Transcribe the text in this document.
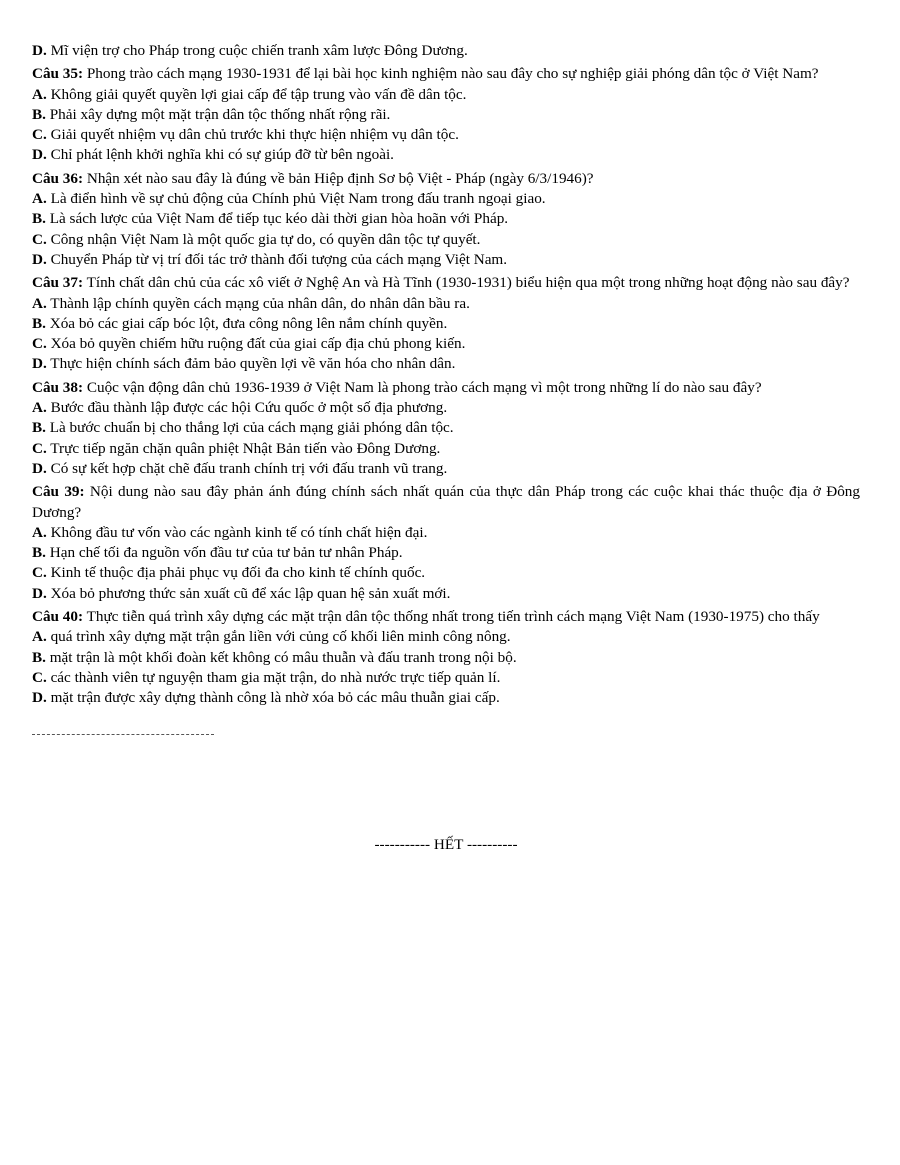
D. Mĩ viện trợ cho Pháp trong cuộc chiến tranh xâm lược Đông Dương.
Câu 35: Phong trào cách mạng 1930-1931 để lại bài học kinh nghiệm nào sau đây cho sự nghiệp giải phóng dân tộc ở Việt Nam?
A. Không giải quyết quyền lợi giai cấp để tập trung vào vấn đề dân tộc.
B. Phải xây dựng một mặt trận dân tộc thống nhất rộng rãi.
C. Giải quyết nhiệm vụ dân chủ trước khi thực hiện nhiệm vụ dân tộc.
D. Chỉ phát lệnh khởi nghĩa khi có sự giúp đỡ từ bên ngoài.
Câu 36: Nhận xét nào sau đây là đúng về bản Hiệp định Sơ bộ Việt - Pháp (ngày 6/3/1946)?
A. Là điển hình về sự chủ động của Chính phủ Việt Nam trong đấu tranh ngoại giao.
B. Là sách lược của Việt Nam để tiếp tục kéo dài thời gian hòa hoãn với Pháp.
C. Công nhận Việt Nam là một quốc gia tự do, có quyền dân tộc tự quyết.
D. Chuyển Pháp từ vị trí đối tác trở thành đối tượng của cách mạng Việt Nam.
Câu 37: Tính chất dân chủ của các xô viết ở Nghệ An và Hà Tĩnh (1930-1931) biểu hiện qua một trong những hoạt động nào sau đây?
A. Thành lập chính quyền cách mạng của nhân dân, do nhân dân bầu ra.
B. Xóa bỏ các giai cấp bóc lột, đưa công nông lên nắm chính quyền.
C. Xóa bỏ quyền chiếm hữu ruộng đất của giai cấp địa chủ phong kiến.
D. Thực hiện chính sách đảm bảo quyền lợi về văn hóa cho nhân dân.
Câu 38: Cuộc vận động dân chủ 1936-1939 ở Việt Nam là phong trào cách mạng vì một trong những lí do nào sau đây?
A. Bước đầu thành lập được các hội Cứu quốc ở một số địa phương.
B. Là bước chuẩn bị cho thắng lợi của cách mạng giải phóng dân tộc.
C. Trực tiếp ngăn chặn quân phiệt Nhật Bản tiến vào Đông Dương.
D. Có sự kết hợp chặt chẽ đấu tranh chính trị với đấu tranh vũ trang.
Câu 39: Nội dung nào sau đây phản ánh đúng chính sách nhất quán của thực dân Pháp trong các cuộc khai thác thuộc địa ở Đông Dương?
A. Không đầu tư vốn vào các ngành kinh tế có tính chất hiện đại.
B. Hạn chế tối đa nguồn vốn đầu tư của tư bản tư nhân Pháp.
C. Kinh tế thuộc địa phải phục vụ đối đa cho kinh tế chính quốc.
D. Xóa bỏ phương thức sản xuất cũ để xác lập quan hệ sản xuất mới.
Câu 40: Thực tiễn quá trình xây dựng các mặt trận dân tộc thống nhất trong tiến trình cách mạng Việt Nam (1930-1975) cho thấy
A. quá trình xây dựng mặt trận gắn liền với củng cố khối liên minh công nông.
B. mặt trận là một khối đoàn kết không có mâu thuẫn và đấu tranh trong nội bộ.
C. các thành viên tự nguyện tham gia mặt trận, do nhà nước trực tiếp quản lí.
D. mặt trận được xây dựng thành công là nhờ xóa bỏ các mâu thuẫn giai cấp.
----------- HẾT ----------
